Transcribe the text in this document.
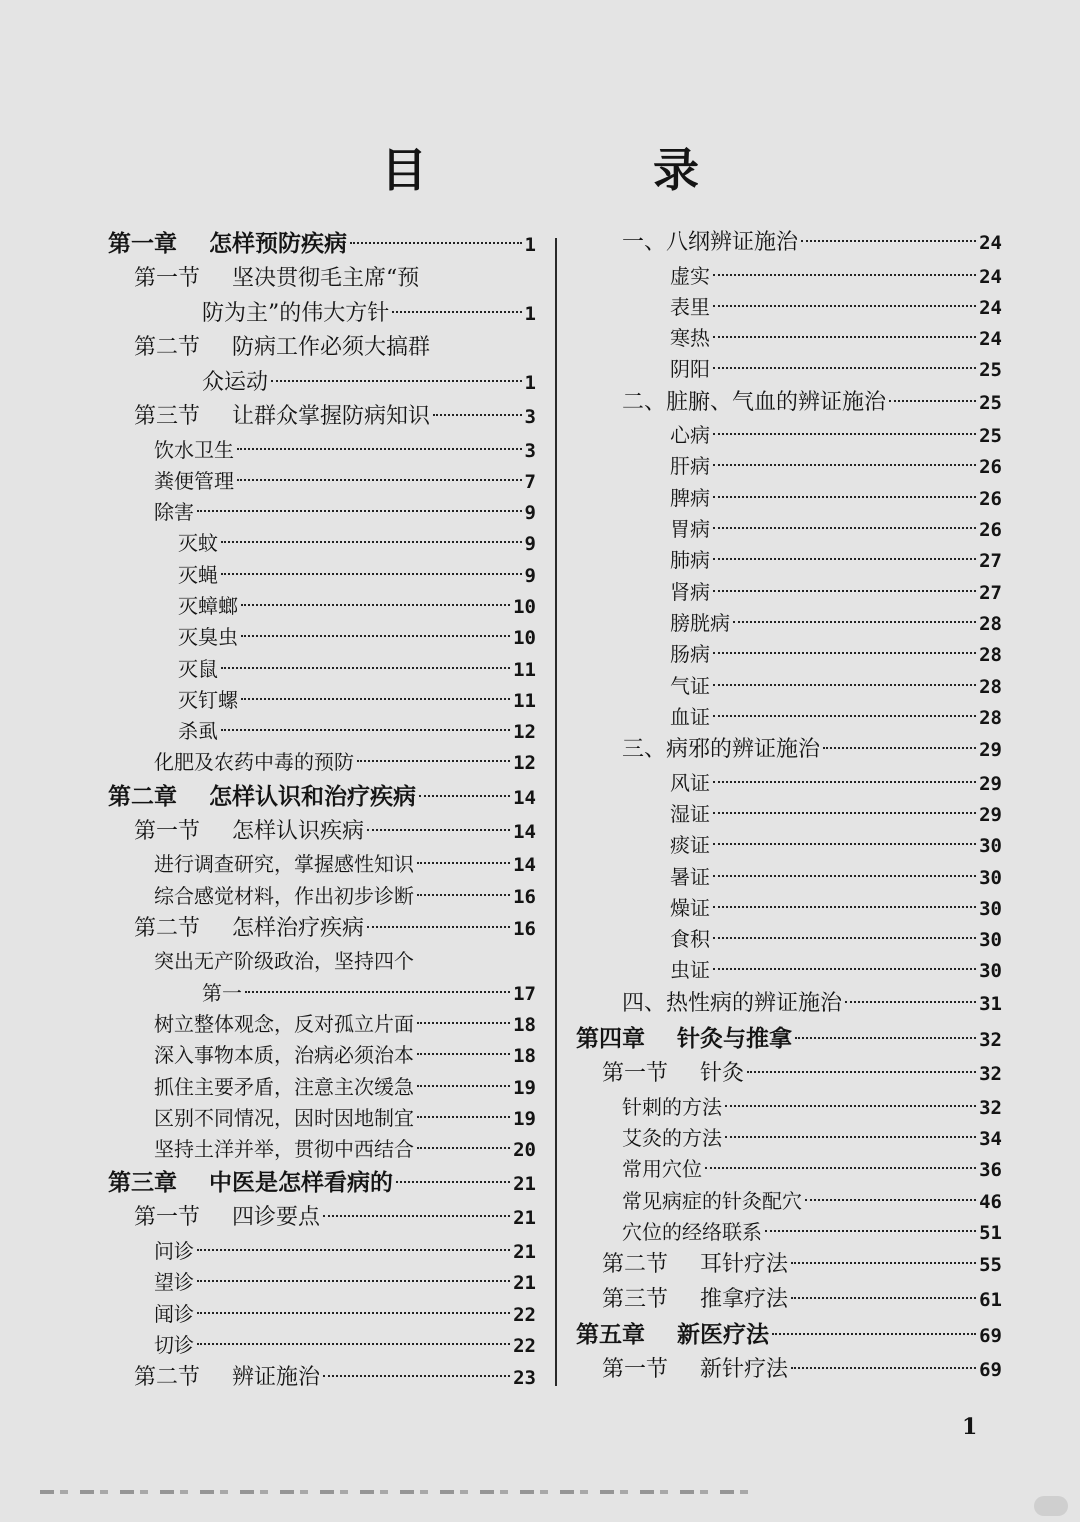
目　录
第一章 怎样预防疾病	1
第一节 坚决贯彻毛主席“预
防为主”的伟大方针	1
第二节 防病工作必须大搞群
众运动	1
第三节 让群众掌握防病知识	3
饮水卫生	3
粪便管理	7
除害	9
灭蚊	9
灭蝇	9
灭蟑螂	10
灭臭虫	10
灭鼠	11
灭钉螺	11
杀虱	12
化肥及农药中毒的预防	12
第二章 怎样认识和治疗疾病	14
第一节 怎样认识疾病	14
进行调查研究，掌握感性知识	14
综合感觉材料，作出初步诊断	16
第二节 怎样治疗疾病	16
突出无产阶级政治，坚持四个
第一	17
树立整体观念，反对孤立片面	18
深入事物本质，治病必须治本	18
抓住主要矛盾，注意主次缓急	19
区别不同情况，因时因地制宜	19
坚持土洋并举，贯彻中西结合	20
第三章 中医是怎样看病的	21
第一节 四诊要点	21
问诊	21
望诊	21
闻诊	22
切诊	22
第二节 辨证施治	23
一、八纲辨证施治	24
虚实	24
表里	24
寒热	24
阴阳	25
二、脏腑、气血的辨证施治	25
心病	25
肝病	26
脾病	26
胃病	26
肺病	27
肾病	27
膀胱病	28
肠病	28
气证	28
血证	28
三、病邪的辨证施治	29
风证	29
湿证	29
痰证	30
暑证	30
燥证	30
食积	30
虫证	30
四、热性病的辨证施治	31
第四章 针灸与推拿	32
第一节 针灸	32
针刺的方法	32
艾灸的方法	34
常用穴位	36
常见病症的针灸配穴	46
穴位的经络联系	51
第二节 耳针疗法	55
第三节 推拿疗法	61
第五章 新医疗法	69
第一节 新针疗法	69
1
